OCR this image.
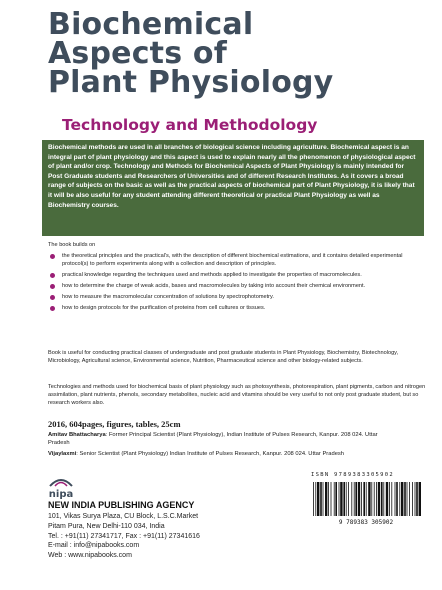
Biochemical
Aspects of
Plant Physiology
Technology and Methodology
Biochemical methods are used in all branches of biological science including agriculture. Biochemical aspect is an integral part of plant physiology and this aspect is used to explain nearly all the phenomenon of physiological aspect of plant and/or crop. Technology and Methods for Biochemical Aspects of Plant Physiology is mainly intended for Post Graduate students and Researchers of Universities and of different Research Institutes. As it covers a broad range of subjects on the basic as well as the practical aspects of biochemical part of Plant Physiology, it is likely that it will be also useful for any student attending different theoretical or practical Plant Physiology as well as Biochemistry courses.
The book builds on
the theoretical principles and the practical's, with the description of different biochemical estimations, and it contains detailed experimental protocol(s) to perform experiments along with a collection and description of principles.
practical knowledge regarding the techniques used and methods applied to investigate the properties of macromolecules.
how to determine the charge of weak acids, bases and macromolecules by taking into account their chemical environment.
how to measure the macromolecular concentration of solutions by spectrophotometry.
how to design protocols for the purification of proteins from cell cultures or tissues.
Book is useful for conducting practical classes of undergraduate and post graduate students in Plant Physiology, Biochemistry, Biotechnology, Microbiology, Agricultural science, Environmental science, Nutrition, Pharmaceutical science and other biology-related subjects.
Technologies and methods used for biochemical basis of plant physiology such as photosynthesis, photorespiration, plant pigments, carbon and nitrogen assimilation, plant nutrients, phenols, secondary metabolites, nucleic acid and vitamins should be very useful to not only post graduate student, but so research workers also.
2016, 604pages, figures, tables, 25cm
Amitav Bhattacharya: Former Principal Scientist (Plant Physiology), Indian Institute of Pulses Research, Kanpur. 208 024. Uttar Pradesh
Vijaylaxmi: Senior Scientist (Plant Physiology) Indian Institute of Pulses Research, Kanpur. 208 024. Uttar Pradesh
nipa
NEW INDIA PUBLISHING AGENCY
101, Vikas Surya Plaza, CU Block, L.S.C.Market
Pitam Pura, New Delhi-110 034, India
Tel. : +91(11) 27341717, Fax : +91(11) 27341616
E-mail : info@nipabooks.com
Web : www.nipabooks.com
ISBN 9789383305902
9 789383 305902
